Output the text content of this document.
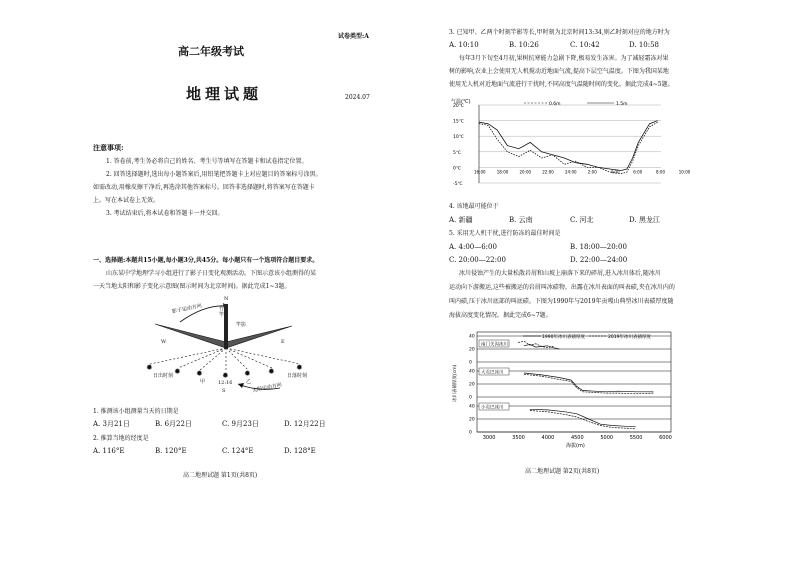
试卷类型:A
高二年级考试
地理试题	2024.07
注意事项:
1. 答卷前,考生务必将自己的姓名、考生号等填写在答题卡和试卷指定位置。
2. 回答选择题时,选出每小题答案后,用铅笔把答题卡上对应题目的答案标号涂黑。
如需改动,用橡皮擦干净后,再选涂其他答案标号。回答非选择题时,将答案写在答题卡
上。写在本试卷上无效。
3. 考试结束后,将本试卷和答题卡一并交回。
一、选择题:本题共15小题,每小题3分,共45分。每小题只有一个选项符合题目要求。
山东某中学地理学习小组进行了影子日变化观测活动。下图示意该小组测得的某
一天当地太阳和影子变化示意图(图示时间为北京时间)。据此完成1~3题。
✹	✹ ✹ ✹ ✹ ✹	✹
影子运动方向
N
竹竿
竿影
W	E
日出时刻	日落时刻
甲	乙
12:16
S	太阳运动方向
1. 推测该小组测量当天的日期是
A. 3月21日	B. 6月22日	C. 9月23日	D. 12月22日
2. 推算当地的经度是
A. 116°E	B. 120°E	C. 124°E	D. 128°E
高二地理试题 第1页(共8页)
3. 已知甲、乙两个时刻竿影等长,甲时刻为北京时间13:34,则乙时刻对应的地方时为
A. 10:10	B. 10:26	C. 10:42	D. 10:58
每年3月下旬至4月初,果树抗寒能力急剧下降,极易发生冻害。为了减轻霜冻对果
树的影响,农业上会使用无人机搅动近地面气流,提高下层空气温度。下图为我国某地
使用无人机对近地面气流进行干扰时,不同高度气温随时间的变化。据此完成4~5题。
气温(℃)
20℃
15℃
10℃
5℃
0℃
-5℃
16:00	18:00	20:00	22:00	24:00	2:00	4:00	6:00	8:00	10:00
0.6m	1.5m
4. 该地最可能位于
A. 新疆	B. 云南	C. 河北	D. 黑龙江
5. 采用无人机干扰,进行防冻的最佳时间是
A. 4:00—6:00	B. 18:00—20:00
C. 20:00—22:00	D. 22:00—24:00
冰川侵蚀产生的大量松散岩屑和山坡上崩落下来的碎屑,进入冰川体后,随冰川
运动向下游搬运,这些被搬运的岩屑叫冰碛物。出露在冰川表面的叫表碛,夹在冰川内的
叫内碛,压于冰川底部的叫底碛。下图为1990年与2019年贡嘎山典型冰川表碛厚度随
海拔高度变化情况。据此完成6~7题。
1990年冰川表碛厚度	2019年冰川表碛厚度
40
20
0
南门关沟冰川
40
20
0
大贡巴冰川
40
20
0
小贡巴冰川
3000	3500	4000	4500	5000	5500	6000
海拔(m)
冰川表碛厚度(cm)
高二地理试题 第2页(共8页)
